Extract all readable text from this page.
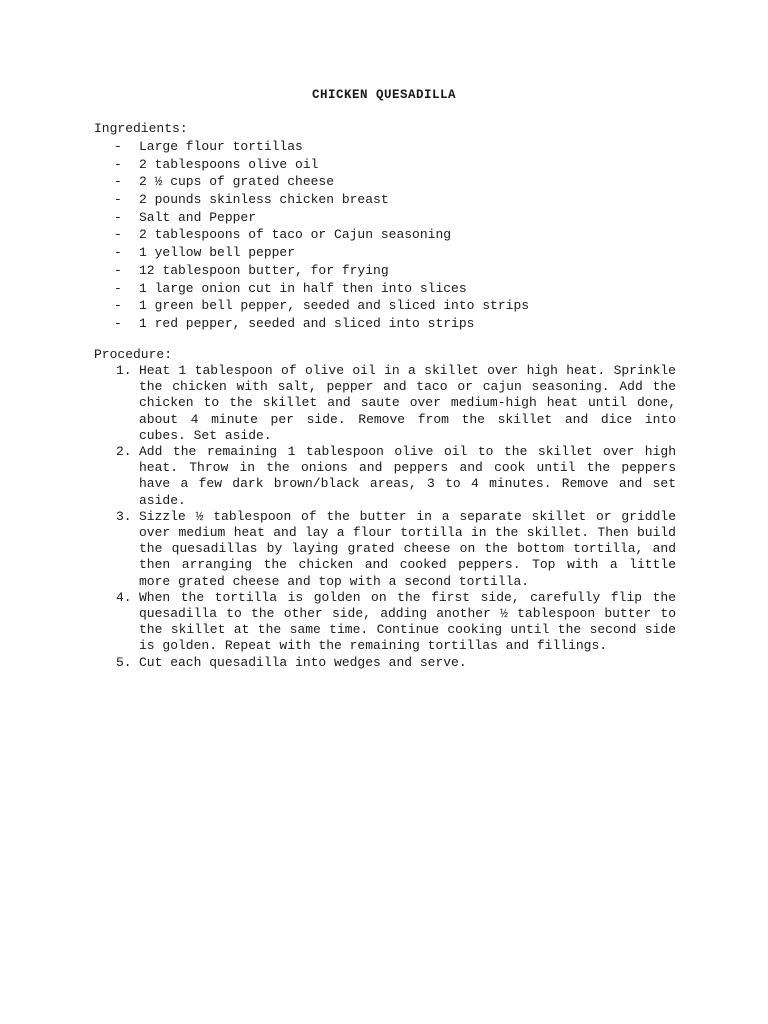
CHICKEN QUESADILLA
Ingredients:
- Large flour tortillas
- 2 tablespoons olive oil
- 2 ½ cups of grated cheese
- 2 pounds skinless chicken breast
- Salt and Pepper
- 2 tablespoons of taco or Cajun seasoning
- 1 yellow bell pepper
- 12 tablespoon butter, for frying
- 1 large onion cut in half then into slices
- 1 green bell pepper, seeded and sliced into strips
- 1 red pepper, seeded and sliced into strips
Procedure:
1. Heat 1 tablespoon of olive oil in a skillet over high heat. Sprinkle the chicken with salt, pepper and taco or cajun seasoning. Add the chicken to the skillet and saute over medium-high heat until done, about 4 minute per side. Remove from the skillet and dice into cubes. Set aside.
2. Add the remaining 1 tablespoon olive oil to the skillet over high heat. Throw in the onions and peppers and cook until the peppers have a few dark brown/black areas, 3 to 4 minutes. Remove and set aside.
3. Sizzle ½ tablespoon of the butter in a separate skillet or griddle over medium heat and lay a flour tortilla in the skillet. Then build the quesadillas by laying grated cheese on the bottom tortilla, and then arranging the chicken and cooked peppers. Top with a little more grated cheese and top with a second tortilla.
4. When the tortilla is golden on the first side, carefully flip the quesadilla to the other side, adding another ½ tablespoon butter to the skillet at the same time. Continue cooking until the second side is golden. Repeat with the remaining tortillas and fillings.
5. Cut each quesadilla into wedges and serve.
